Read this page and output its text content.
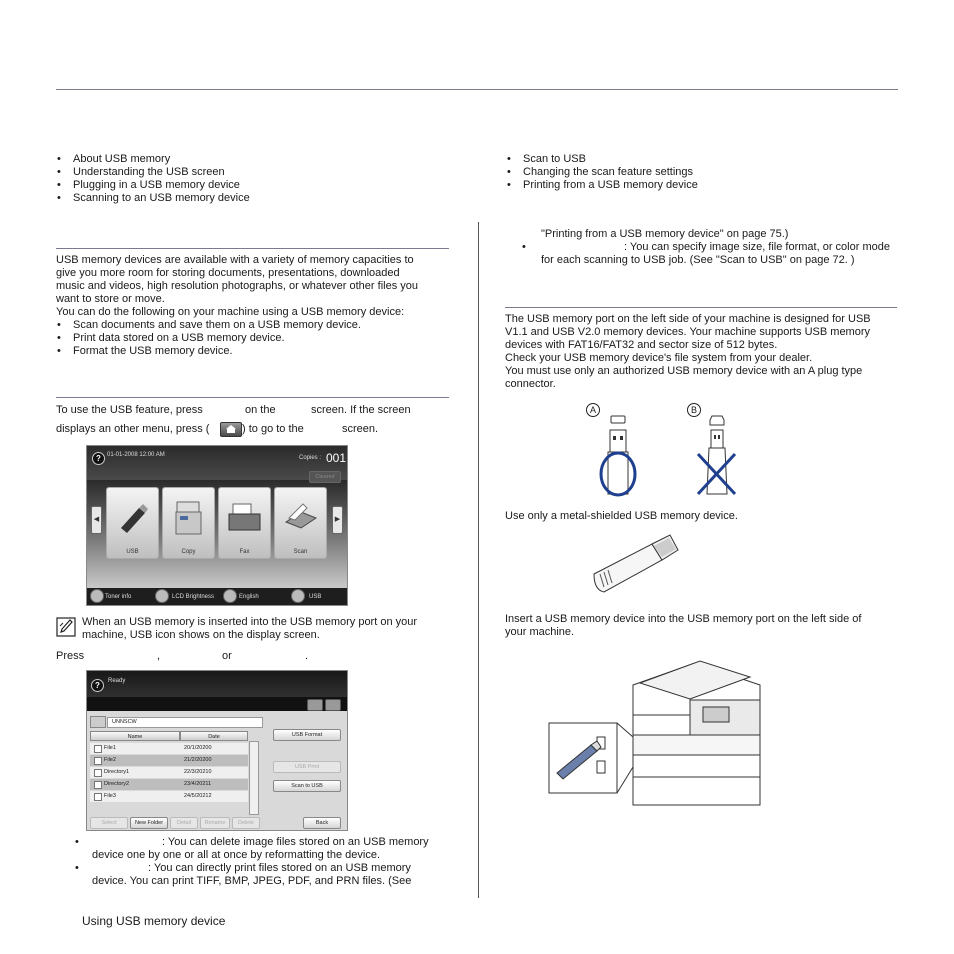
• About USB memory
• Understanding the USB screen
• Plugging in a USB memory device
• Scanning to an USB memory device
• Scan to USB
• Changing the scan feature settings
• Printing from a USB memory device
USB memory devices are available with a variety of memory capacities to
give you more room for storing documents, presentations, downloaded
music and videos, high resolution photographs, or whatever other files you
want to store or move.
You can do the following on your machine using a USB memory device:
• Scan documents and save them on a USB memory device.
• Print data stored on a USB memory device.
• Format the USB memory device.
To use the USB feature, press	on the	screen. If the screen
displays an other menu, press (	) to go to the	screen.
?	01-01-2008 12:00 AM	Copies : 001
Cleared
◀	▶
USB	Copy	Fax	Scan
Toner info	LCD Brightness	English	USB
When an USB memory is inserted into the USB memory port on your
machine, USB icon shows on the display screen.
Press	,	or	.
?	Ready
UNNSCW
Name	Date
File1	20/1/20200
File2	21/2/20200
Directory1	22/3/20210
Directory2	23/4/20211
File3	24/5/20212
USB Format
USB Print
Scan to USB
Select	New Folder	Detail	Rename	Delete	Back
•	: You can delete image files stored on an USB memory
device one by one or all at once by reformatting the device.
•	: You can directly print files stored on an USB memory
device. You can print TIFF, BMP, JPEG, PDF, and PRN files. (See
"Printing from a USB memory device" on page 75.)
•	: You can specify image size, file format, or color mode
for each scanning to USB job. (See "Scan to USB" on page 72. )
The USB memory port on the left side of your machine is designed for USB
V1.1 and USB V2.0 memory devices. Your machine supports USB memory
devices with FAT16/FAT32 and sector size of 512 bytes.
Check your USB memory device's file system from your dealer.
You must use only an authorized USB memory device with an A plug type
connector.
A	B
Use only a metal-shielded USB memory device.
Insert a USB memory device into the USB memory port on the left side of
your machine.
Using USB memory device
